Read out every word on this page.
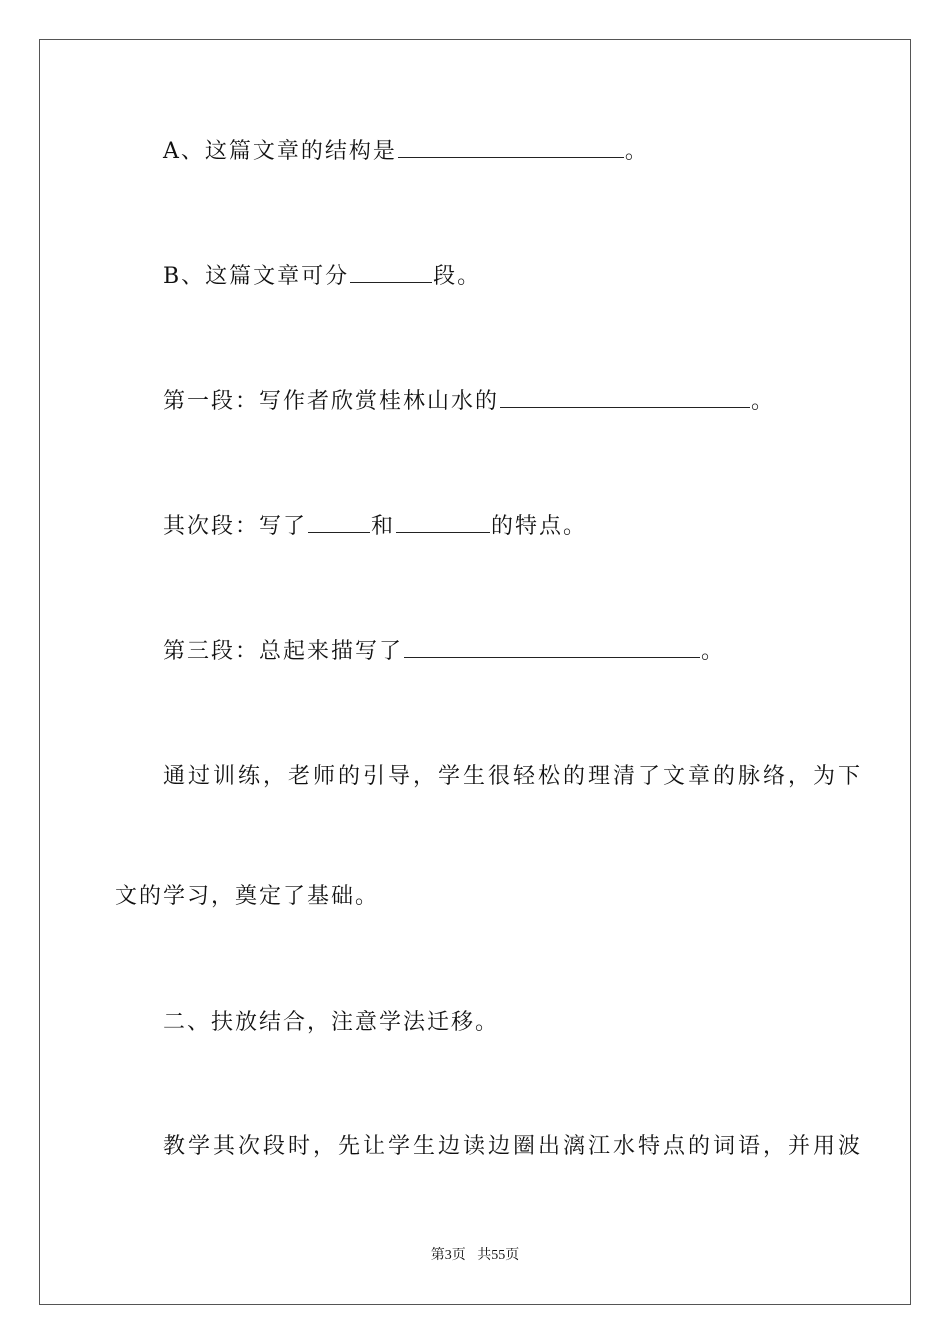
A、这篇文章的结构是	。
B、这篇文章可分	段。
第一段：写作者欣赏桂林山水的	。
其次段：写了	和	的特点。
第三段：总起来描写了	。
通过训练，老师的引导，学生很轻松的理清了文章的脉络，为下
文的学习，奠定了基础。
二、扶放结合，注意学法迁移。
教学其次段时，先让学生边读边圈出漓江水特点的词语，并用波
第3页 共55页
